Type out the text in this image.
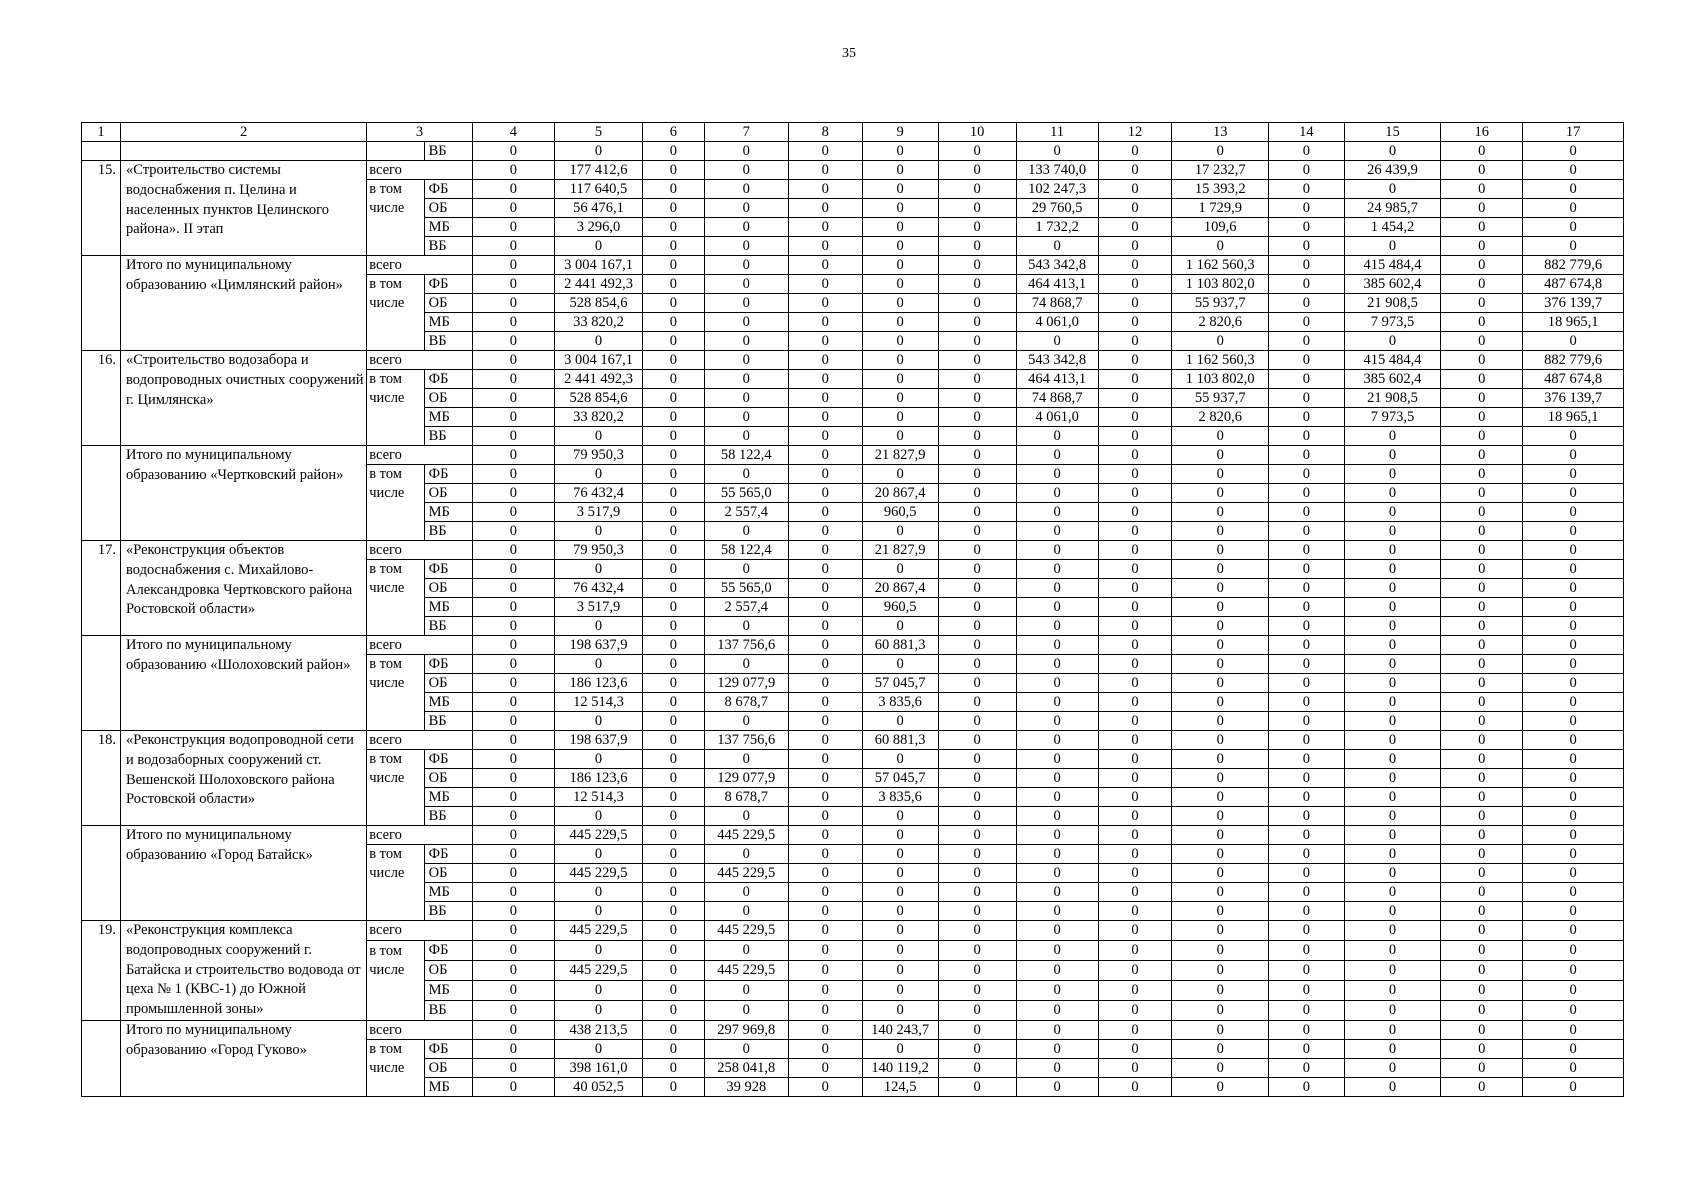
35
1	2	3		4	5	6	7	8	9	10	11	12	13	14	15	16	17
			ВБ	0	0	0	0	0	0	0	0	0	0	0	0	0	0
15.	«Строительство системы водоснабжения п. Целина и населенных пунктов Целинского района». II этап	всего		0	177 412,6	0	0	0	0	0	133 740,0	0	17 232,7	0	26 439,9	0	0
		в том	ФБ	0	117 640,5	0	0	0	0	0	102 247,3	0	15 393,2	0	0	0	0
		числе	ОБ	0	56 476,1	0	0	0	0	0	29 760,5	0	1 729,9	0	24 985,7	0	0
			МБ	0	3 296,0	0	0	0	0	0	1 732,2	0	109,6	0	1 454,2	0	0
			ВБ	0	0	0	0	0	0	0	0	0	0	0	0	0	0
	Итого по муниципальному образованию «Цимлянский район»	всего		0	3 004 167,1	0	0	0	0	0	543 342,8	0	1 162 560,3	0	415 484,4	0	882 779,6
		в том	ФБ	0	2 441 492,3	0	0	0	0	0	464 413,1	0	1 103 802,0	0	385 602,4	0	487 674,8
		числе	ОБ	0	528 854,6	0	0	0	0	0	74 868,7	0	55 937,7	0	21 908,5	0	376 139,7
			МБ	0	33 820,2	0	0	0	0	0	4 061,0	0	2 820,6	0	7 973,5	0	18 965,1
			ВБ	0	0	0	0	0	0	0	0	0	0	0	0	0	0
16.	«Строительство водозабора и водопроводных очистных сооружений г. Цимлянска»	всего		0	3 004 167,1	0	0	0	0	0	543 342,8	0	1 162 560,3	0	415 484,4	0	882 779,6
		в том	ФБ	0	2 441 492,3	0	0	0	0	0	464 413,1	0	1 103 802,0	0	385 602,4	0	487 674,8
		числе	ОБ	0	528 854,6	0	0	0	0	0	74 868,7	0	55 937,7	0	21 908,5	0	376 139,7
			МБ	0	33 820,2	0	0	0	0	0	4 061,0	0	2 820,6	0	7 973,5	0	18 965,1
			ВБ	0	0	0	0	0	0	0	0	0	0	0	0	0	0
	Итого по муниципальному образованию «Чертковский район»	всего		0	79 950,3	0	58 122,4	0	21 827,9	0	0	0	0	0	0	0	0
		в том	ФБ	0	0	0	0	0	0	0	0	0	0	0	0	0	0
		числе	ОБ	0	76 432,4	0	55 565,0	0	20 867,4	0	0	0	0	0	0	0	0
			МБ	0	3 517,9	0	2 557,4	0	960,5	0	0	0	0	0	0	0	0
			ВБ	0	0	0	0	0	0	0	0	0	0	0	0	0	0
17.	«Реконструкция объектов водоснабжения с. Михайлово-Александровка Чертковского района Ростовской области»	всего		0	79 950,3	0	58 122,4	0	21 827,9	0	0	0	0	0	0	0	0
		в том	ФБ	0	0	0	0	0	0	0	0	0	0	0	0	0	0
		числе	ОБ	0	76 432,4	0	55 565,0	0	20 867,4	0	0	0	0	0	0	0	0
			МБ	0	3 517,9	0	2 557,4	0	960,5	0	0	0	0	0	0	0	0
			ВБ	0	0	0	0	0	0	0	0	0	0	0	0	0	0
	Итого по муниципальному образованию «Шолоховский район»	всего		0	198 637,9	0	137 756,6	0	60 881,3	0	0	0	0	0	0	0	0
		в том	ФБ	0	0	0	0	0	0	0	0	0	0	0	0	0	0
		числе	ОБ	0	186 123,6	0	129 077,9	0	57 045,7	0	0	0	0	0	0	0	0
			МБ	0	12 514,3	0	8 678,7	0	3 835,6	0	0	0	0	0	0	0	0
			ВБ	0	0	0	0	0	0	0	0	0	0	0	0	0	0
18.	«Реконструкция водопроводной сети и водозаборных сооружений ст. Вешенской Шолоховского района Ростовской области»	всего		0	198 637,9	0	137 756,6	0	60 881,3	0	0	0	0	0	0	0	0
		в том	ФБ	0	0	0	0	0	0	0	0	0	0	0	0	0	0
		числе	ОБ	0	186 123,6	0	129 077,9	0	57 045,7	0	0	0	0	0	0	0	0
			МБ	0	12 514,3	0	8 678,7	0	3 835,6	0	0	0	0	0	0	0	0
			ВБ	0	0	0	0	0	0	0	0	0	0	0	0	0	0
	Итого по муниципальному образованию «Город Батайск»	всего		0	445 229,5	0	445 229,5	0	0	0	0	0	0	0	0	0	0
		в том	ФБ	0	0	0	0	0	0	0	0	0	0	0	0	0	0
		числе	ОБ	0	445 229,5	0	445 229,5	0	0	0	0	0	0	0	0	0	0
			МБ	0	0	0	0	0	0	0	0	0	0	0	0	0	0
			ВБ	0	0	0	0	0	0	0	0	0	0	0	0	0	0
19.	«Реконструкция комплекса водопроводных сооружений г. Батайска и строительство водовода от цеха № 1 (КВС-1) до Южной промышленной зоны»	всего		0	445 229,5	0	445 229,5	0	0	0	0	0	0	0	0	0	0
		в том	ФБ	0	0	0	0	0	0	0	0	0	0	0	0	0	0
		числе	ОБ	0	445 229,5	0	445 229,5	0	0	0	0	0	0	0	0	0	0
			МБ	0	0	0	0	0	0	0	0	0	0	0	0	0	0
			ВБ	0	0	0	0	0	0	0	0	0	0	0	0	0	0
	Итого по муниципальному образованию «Город Гуково»	всего		0	438 213,5	0	297 969,8	0	140 243,7	0	0	0	0	0	0	0	0
		в том	ФБ	0	0	0	0	0	0	0	0	0	0	0	0	0	0
		числе	ОБ	0	398 161,0	0	258 041,8	0	140 119,2	0	0	0	0	0	0	0	0
			МБ	0	40 052,5	0	39 928	0	124,5	0	0	0	0	0	0	0	0
